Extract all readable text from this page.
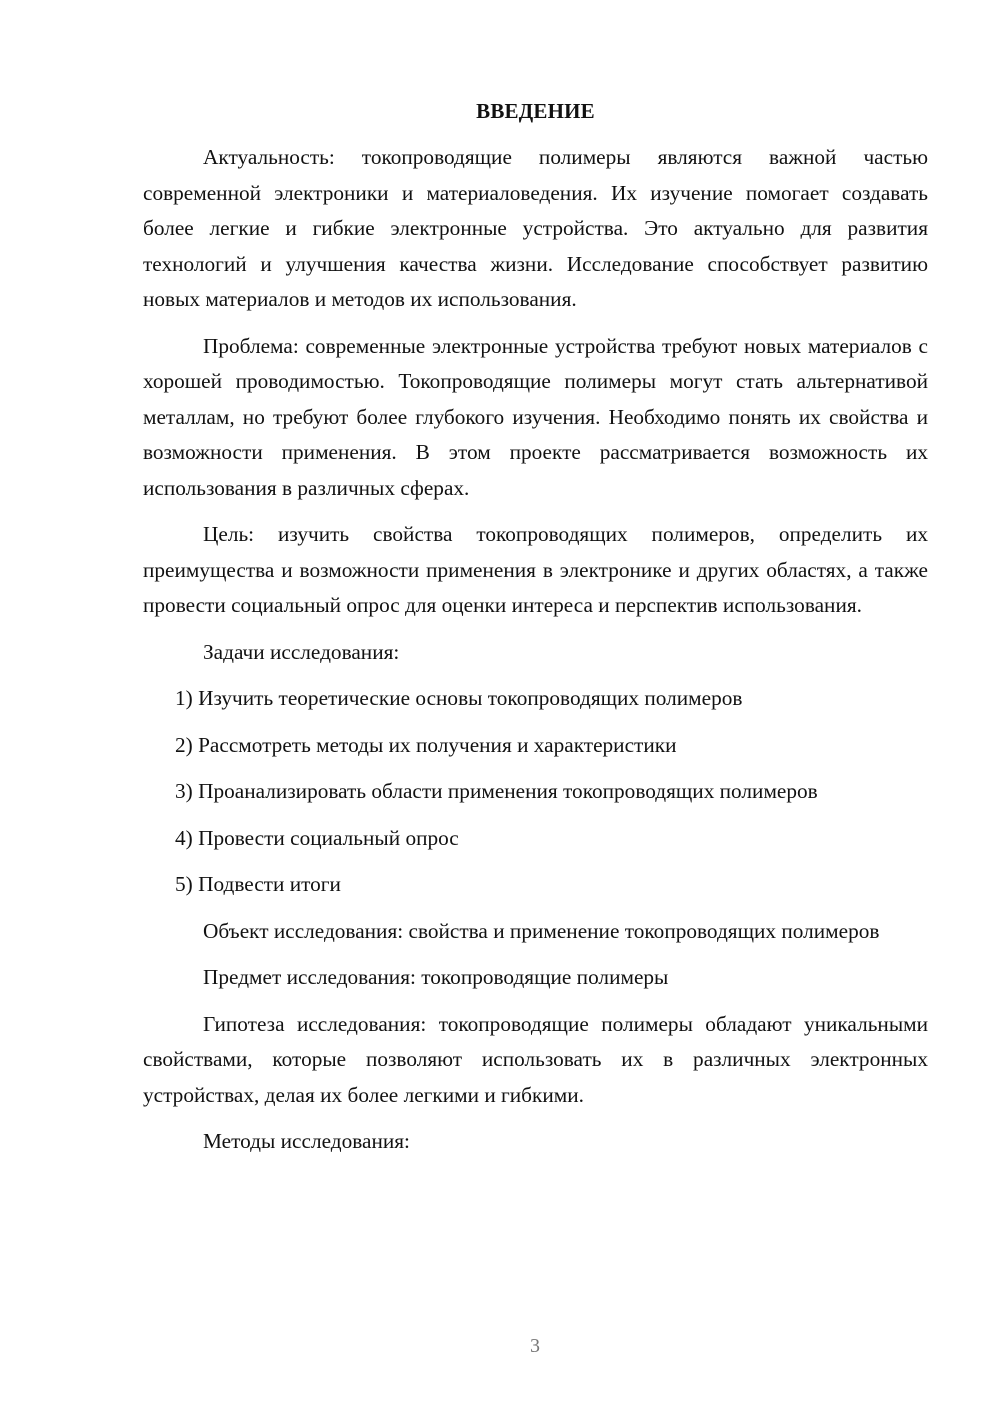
ВВЕДЕНИЕ

Актуальность: токопроводящие полимеры являются важной частью современной электроники и материаловедения. Их изучение помогает создавать более легкие и гибкие электронные устройства. Это актуально для развития технологий и улучшения качества жизни. Исследование способствует развитию новых материалов и методов их использования.

Проблема: современные электронные устройства требуют новых материалов с хорошей проводимостью. Токопроводящие полимеры могут стать альтернативой металлам, но требуют более глубокого изучения. Необходимо понять их свойства и возможности применения. В этом проекте рассматривается возможность их использования в различных сферах.

Цель: изучить свойства токопроводящих полимеров, определить их преимущества и возможности применения в электронике и других областях, а также провести социальный опрос для оценки интереса и перспектив использования.

Задачи исследования:

1) Изучить теоретические основы токопроводящих полимеров

2) Рассмотреть методы их получения и характеристики

3) Проанализировать области применения токопроводящих полимеров

4) Провести социальный опрос

5) Подвести итоги

Объект исследования: свойства и применение токопроводящих полимеров

Предмет исследования: токопроводящие полимеры

Гипотеза исследования: токопроводящие полимеры обладают уникальными свойствами, которые позволяют использовать их в различных электронных устройствах, делая их более легкими и гибкими.

Методы исследования:

3
